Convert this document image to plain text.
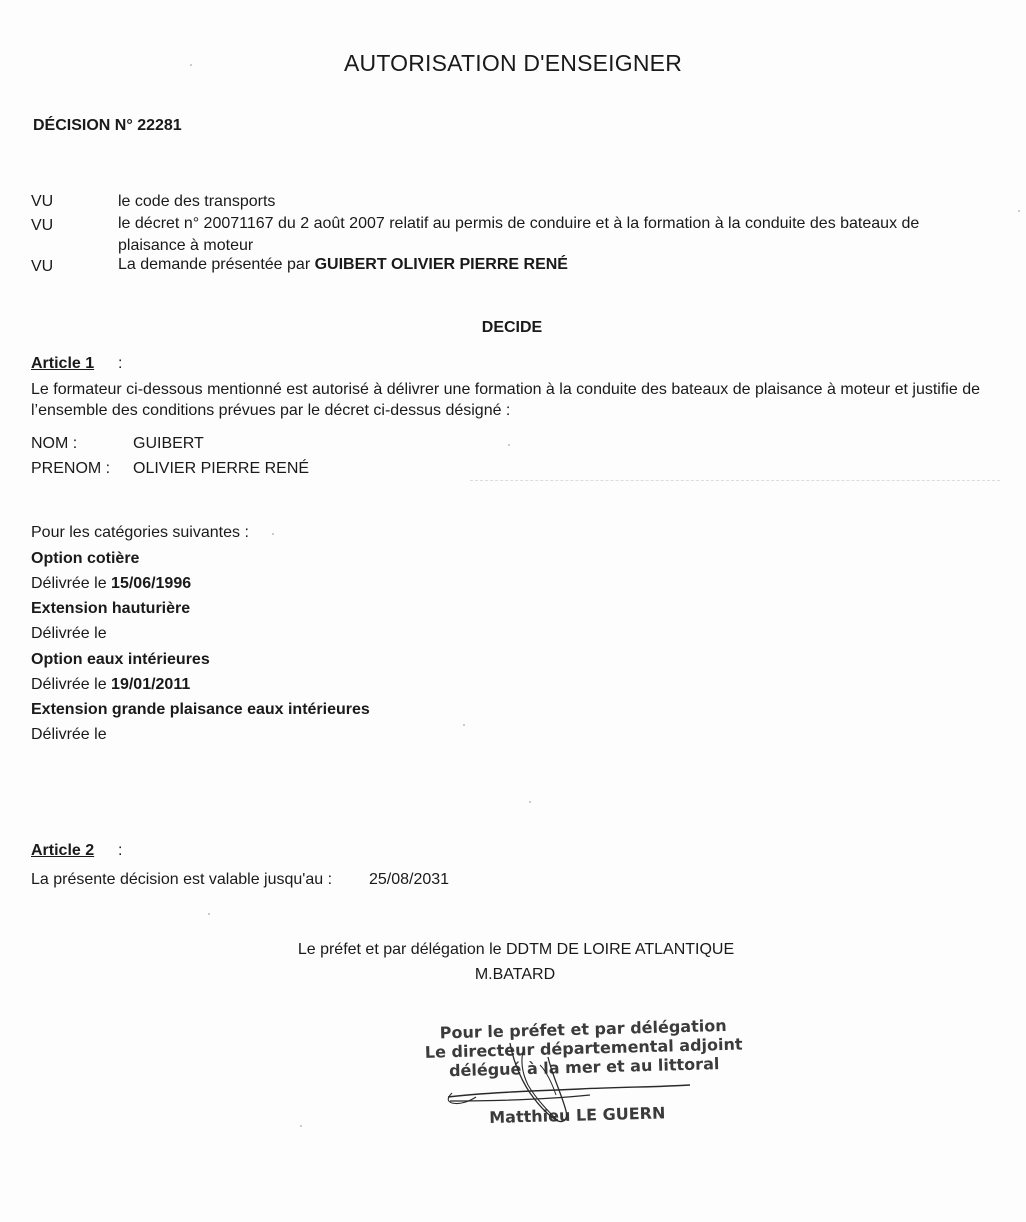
AUTORISATION D'ENSEIGNER
DÉCISION N° 22281
VU	le code des transports
VU	le décret n° 20071167 du 2 août 2007 relatif au permis de conduire et à la formation à la conduite des bateaux de
plaisance à moteur
VU	La demande présentée par GUIBERT OLIVIER PIERRE RENÉ
DECIDE
Article 1 :
Le formateur ci-dessous mentionné est autorisé à délivrer une formation à la conduite des bateaux de plaisance à moteur et justifie de l’ensemble des conditions prévues par le décret ci-dessus désigné :
NOM :	GUIBERT
PRENOM : OLIVIER PIERRE RENÉ
Pour les catégories suivantes :
Option cotière
Délivrée le 15/06/1996
Extension hauturière
Délivrée le
Option eaux intérieures
Délivrée le 19/01/2011
Extension grande plaisance eaux intérieures
Délivrée le
Article 2 :
La présente décision est valable jusqu'au : 25/08/2031
Le préfet et par délégation le DDTM DE LOIRE ATLANTIQUE
M.BATARD
Pour le préfet et par délégation
Le directeur départemental adjoint
délégué à la mer et au littoral
Matthieu LE GUERN
